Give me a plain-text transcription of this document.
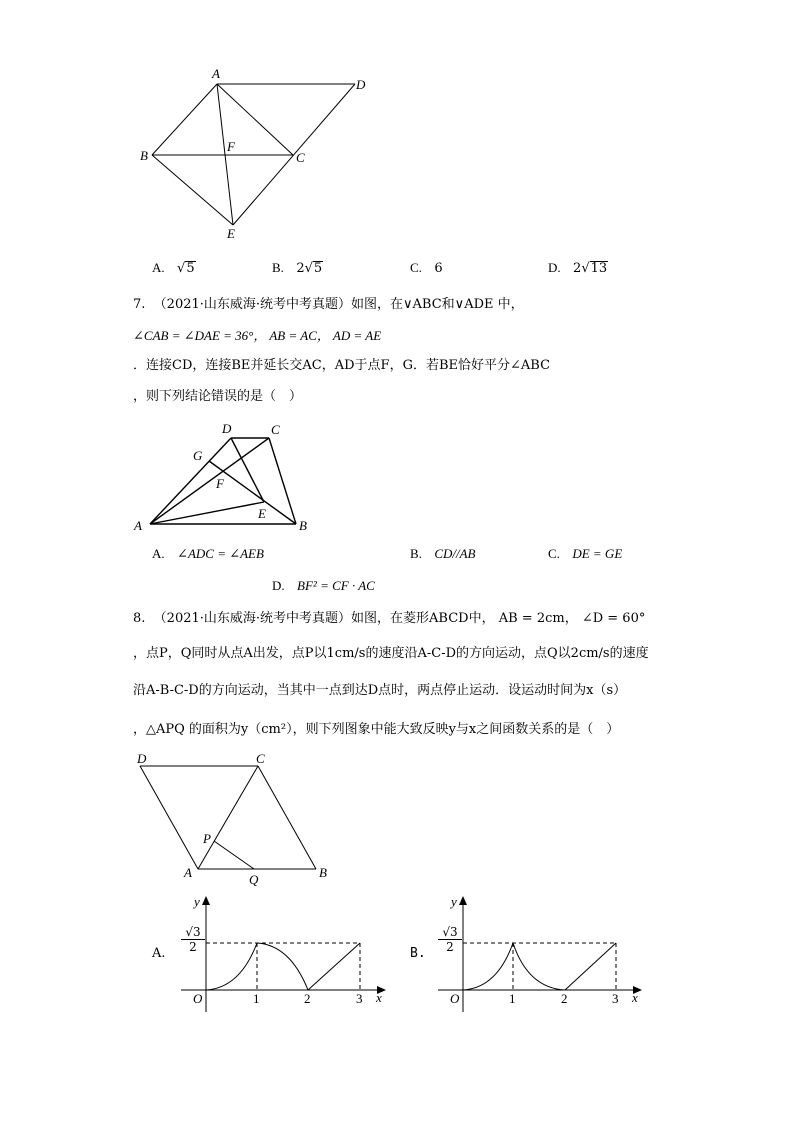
A
D
B	C
F
E
A. √5	B. 2√5	C. 6	D. 2√13
7. （2021·山东威海·统考中考真题）如图，在∨ABC和∨ADE 中，
∠CAB = ∠DAE = 36°， AB = AC， AD = AE
．连接CD，连接BE并延长交AC，AD于点F，G．若BE恰好平分∠ABC
，则下列结论错误的是（　）
D	C
G
F
E
A	B
A. ∠ADC = ∠AEB	B. CD//AB	C. DE = GE
D. BF² = CF · AC
8. （2021·山东威海·统考中考真题）如图，在菱形ABCD中， AB = 2cm， ∠D = 60°
，点P，Q同时从点A出发，点P以1cm/s的速度沿A-C-D的方向运动，点Q以2cm/s的速度
沿A-B-C-D的方向运动，当其中一点到达D点时，两点停止运动．设运动时间为x（s）
，△APQ 的面积为y（cm²），则下列图象中能大致反映y与x之间函数关系的是（　）
D	C
P
A	Q	B
A.
√3
2
y
O	1	2	3 x
B.
√3
2
y
O	1	2	3 x
